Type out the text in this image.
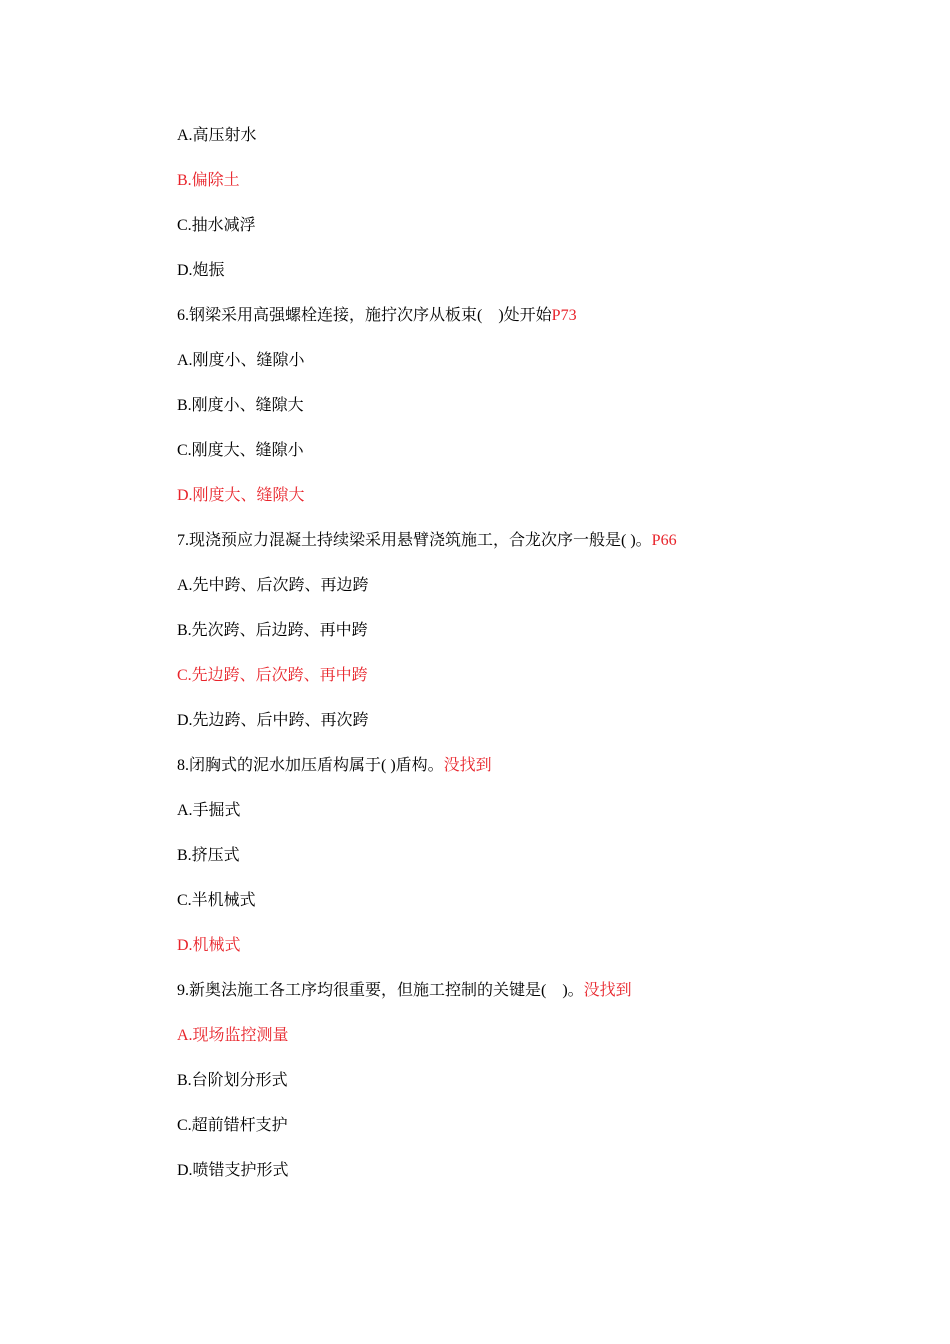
A.高压射水
B.偏除土
C.抽水减浮
D.炮振
6.钢梁采用高强螺栓连接，施拧次序从板束(    )处开始P73
A.刚度小、缝隙小
B.刚度小、缝隙大
C.刚度大、缝隙小
D.刚度大、缝隙大
7.现浇预应力混凝土持续梁采用悬臂浇筑施工，合龙次序一般是( )。P66
A.先中跨、后次跨、再边跨
B.先次跨、后边跨、再中跨
C.先边跨、后次跨、再中跨
D.先边跨、后中跨、再次跨
8.闭胸式的泥水加压盾构属于( )盾构。没找到
A.手掘式
B.挤压式
C.半机械式
D.机械式
9.新奥法施工各工序均很重要，但施工控制的关键是(    )。没找到
A.现场监控测量
B.台阶划分形式
C.超前错杆支护
D.喷错支护形式
